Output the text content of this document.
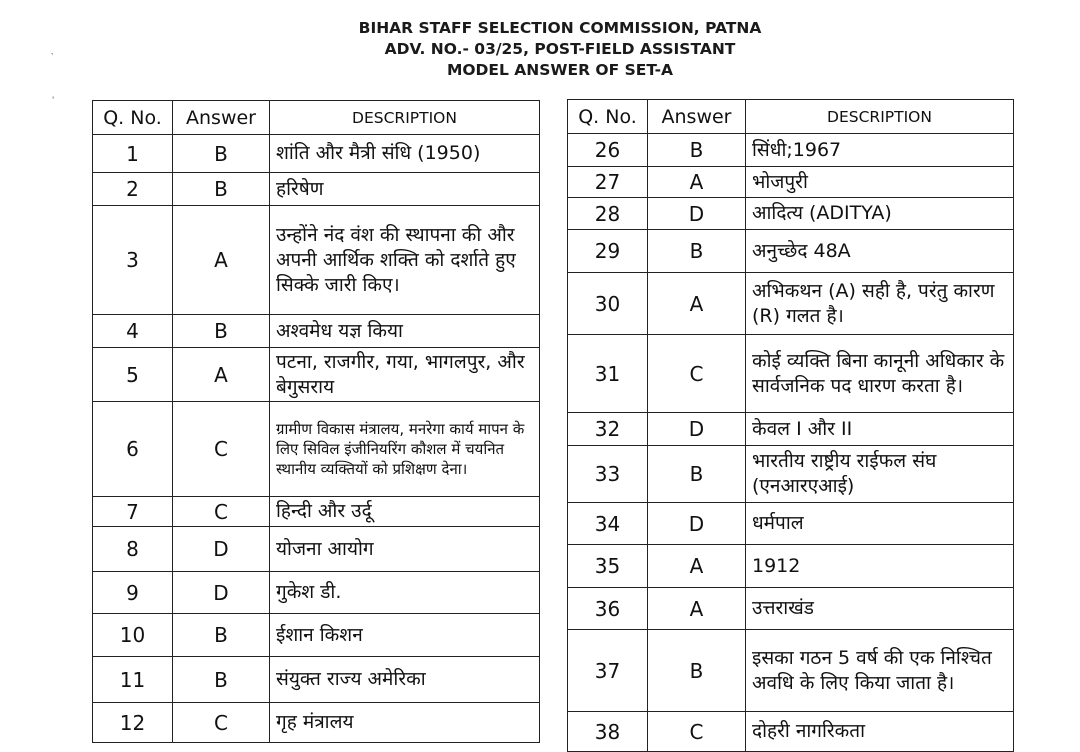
BIHAR STAFF SELECTION COMMISSION, PATNA
ADV. NO.- 03/25, POST-FIELD ASSISTANT
MODEL ANSWER OF SET-A
‵
ʼ
Q. No.	Answer	DESCRIPTION
1	B	शांति और मैत्री संधि (1950)
2	B	हरिषेण
3	A	उन्होंने नंद वंश की स्थापना की और अपनी आर्थिक शक्ति को दर्शाते हुए सिक्के जारी किए।
4	B	अश्वमेध यज्ञ किया
5	A	पटना, राजगीर, गया, भागलपुर, और बेगुसराय
6	C	ग्रामीण विकास मंत्रालय, मनरेगा कार्य मापन के लिए सिविल इंजीनियरिंग कौशल में चयनित स्थानीय व्यक्तियों को प्रशिक्षण देना।
7	C	हिन्दी और उर्दू
8	D	योजना आयोग
9	D	गुकेश डी.
10	B	ईशान किशन
11	B	संयुक्त राज्य अमेरिका
12	C	गृह मंत्रालय
Q. No.	Answer	DESCRIPTION
26	B	सिंधी;1967
27	A	भोजपुरी
28	D	आदित्य (ADITYA)
29	B	अनुच्छेद 48A
30	A	अभिकथन (A) सही है, परंतु कारण (R) गलत है।
31	C	कोई व्यक्ति बिना कानूनी अधिकार के सार्वजनिक पद धारण करता है।
32	D	केवल I और II
33	B	भारतीय राष्ट्रीय राईफल संघ (एनआरएआई)
34	D	धर्मपाल
35	A	1912
36	A	उत्तराखंड
37	B	इसका गठन 5 वर्ष की एक निश्चित अवधि के लिए किया जाता है।
38	C	दोहरी नागरिकता
